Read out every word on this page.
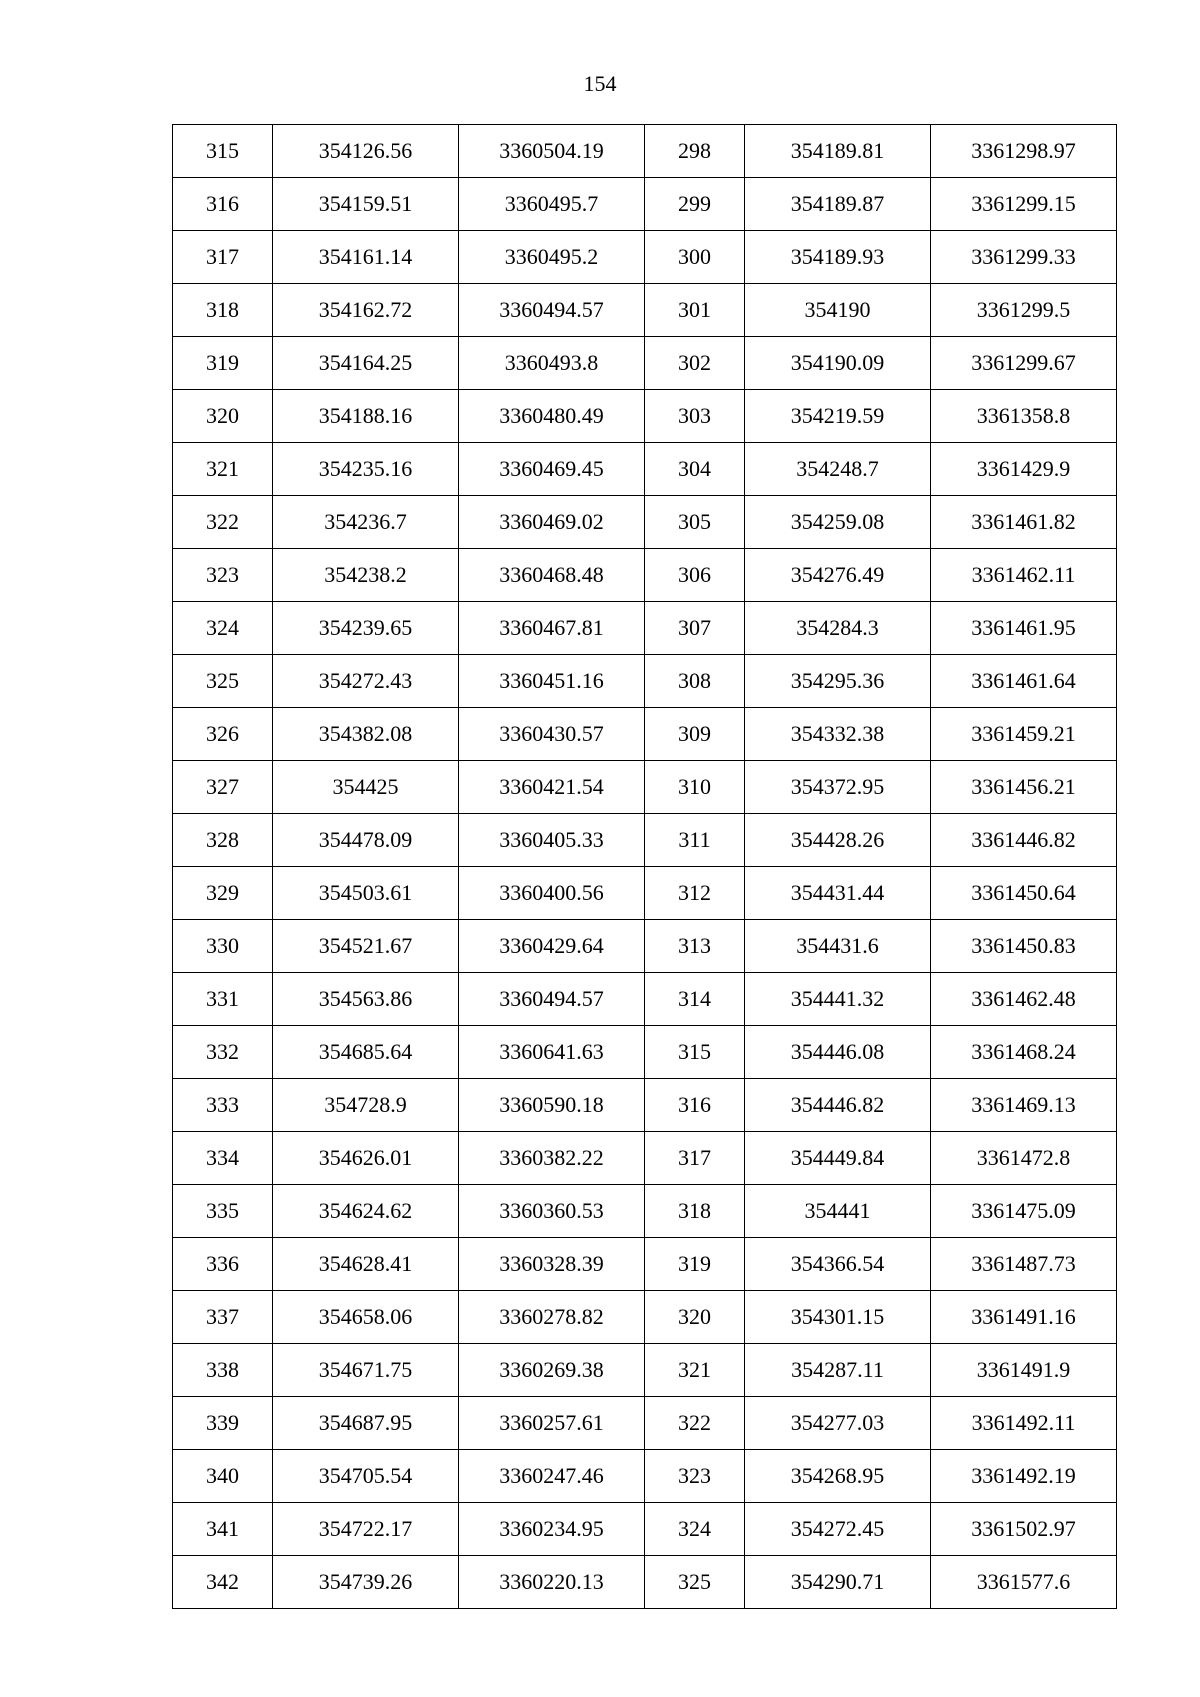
154
315	354126.56	3360504.19	298	354189.81	3361298.97
316	354159.51	3360495.7	299	354189.87	3361299.15
317	354161.14	3360495.2	300	354189.93	3361299.33
318	354162.72	3360494.57	301	354190	3361299.5
319	354164.25	3360493.8	302	354190.09	3361299.67
320	354188.16	3360480.49	303	354219.59	3361358.8
321	354235.16	3360469.45	304	354248.7	3361429.9
322	354236.7	3360469.02	305	354259.08	3361461.82
323	354238.2	3360468.48	306	354276.49	3361462.11
324	354239.65	3360467.81	307	354284.3	3361461.95
325	354272.43	3360451.16	308	354295.36	3361461.64
326	354382.08	3360430.57	309	354332.38	3361459.21
327	354425	3360421.54	310	354372.95	3361456.21
328	354478.09	3360405.33	311	354428.26	3361446.82
329	354503.61	3360400.56	312	354431.44	3361450.64
330	354521.67	3360429.64	313	354431.6	3361450.83
331	354563.86	3360494.57	314	354441.32	3361462.48
332	354685.64	3360641.63	315	354446.08	3361468.24
333	354728.9	3360590.18	316	354446.82	3361469.13
334	354626.01	3360382.22	317	354449.84	3361472.8
335	354624.62	3360360.53	318	354441	3361475.09
336	354628.41	3360328.39	319	354366.54	3361487.73
337	354658.06	3360278.82	320	354301.15	3361491.16
338	354671.75	3360269.38	321	354287.11	3361491.9
339	354687.95	3360257.61	322	354277.03	3361492.11
340	354705.54	3360247.46	323	354268.95	3361492.19
341	354722.17	3360234.95	324	354272.45	3361502.97
342	354739.26	3360220.13	325	354290.71	3361577.6
